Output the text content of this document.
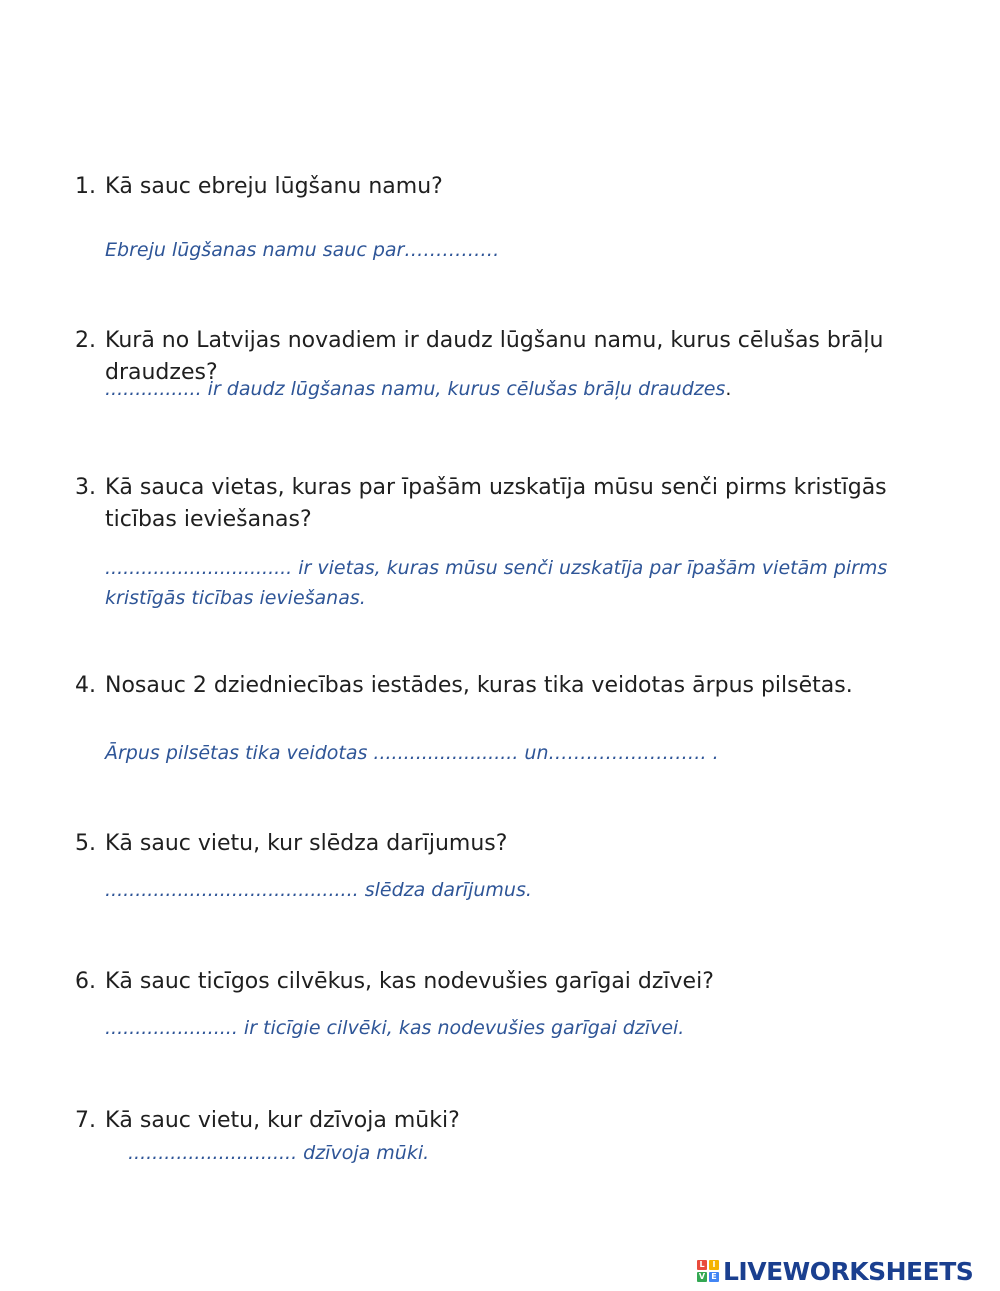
1. Kā sauc ebreju lūgšanu namu?
Ebreju lūgšanas namu sauc par……………
2. Kurā no Latvijas novadiem ir daudz lūgšanu namu, kurus cēlušas brāļu draudzes?
................ ir daudz lūgšanas namu, kurus cēlušas brāļu draudzes.
3. Kā sauca vietas, kuras par īpašām uzskatīja mūsu senči pirms kristīgās ticības ieviešanas?
............................... ir vietas, kuras mūsu senči uzskatīja par īpašām vietām pirms kristīgās ticības ieviešanas.
4. Nosauc 2 dziedniecības iestādes, kuras tika veidotas ārpus pilsētas.
Ārpus pilsētas tika veidotas ........................ un……………………. .
5. Kā sauc vietu, kur slēdza darījumus?
.......................................... slēdza darījumus.
6. Kā sauc ticīgos cilvēkus, kas nodevušies garīgai dzīvei?
...................... ir ticīgie cilvēki, kas nodevušies garīgai dzīvei.
7. Kā sauc vietu, kur dzīvoja mūki?
............................ dzīvoja mūki.
L I
V E LIVEWORKSHEETS
